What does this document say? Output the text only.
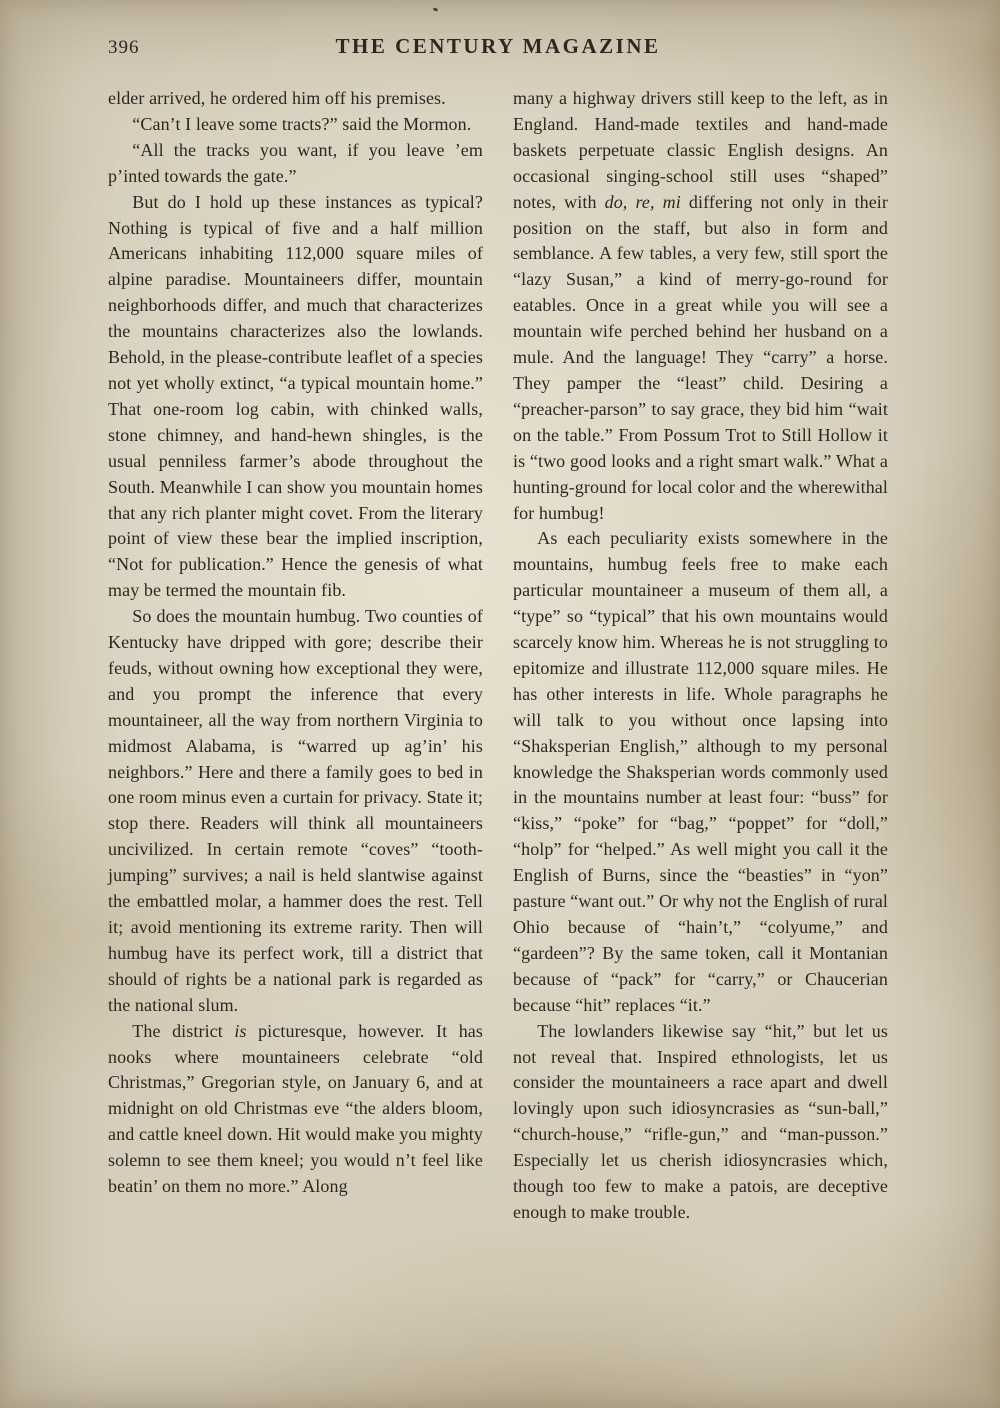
396	THE CENTURY MAGAZINE

elder arrived, he ordered him off his premises.

“Can’t I leave some tracts?” said the Mormon.

“All the tracks you want, if you leave ’em p’inted towards the gate.”

But do I hold up these instances as typical? Nothing is typical of five and a half million Americans inhabiting 112,000 square miles of alpine paradise. Mountaineers differ, mountain neighborhoods differ, and much that characterizes the mountains characterizes also the lowlands. Behold, in the please-contribute leaflet of a species not yet wholly extinct, “a typical mountain home.” That one-room log cabin, with chinked walls, stone chimney, and hand-hewn shingles, is the usual penniless farmer’s abode throughout the South. Meanwhile I can show you mountain homes that any rich planter might covet. From the literary point of view these bear the implied inscription, “Not for publication.” Hence the genesis of what may be termed the mountain fib.

So does the mountain humbug. Two counties of Kentucky have dripped with gore; describe their feuds, without owning how exceptional they were, and you prompt the inference that every mountaineer, all the way from northern Virginia to midmost Alabama, is “warred up ag’in’ his neighbors.” Here and there a family goes to bed in one room minus even a curtain for privacy. State it; stop there. Readers will think all mountaineers uncivilized. In certain remote “coves” “tooth-jumping” survives; a nail is held slantwise against the embattled molar, a hammer does the rest. Tell it; avoid mentioning its extreme rarity. Then will humbug have its perfect work, till a district that should of rights be a national park is regarded as the national slum.

The district is picturesque, however. It has nooks where mountaineers celebrate “old Christmas,” Gregorian style, on January 6, and at midnight on old Christmas eve “the alders bloom, and cattle kneel down. Hit would make you mighty solemn to see them kneel; you would n’t feel like beatin’ on them no more.” Along

many a highway drivers still keep to the left, as in England. Hand-made textiles and hand-made baskets perpetuate classic English designs. An occasional singing-school still uses “shaped” notes, with do, re, mi differing not only in their position on the staff, but also in form and semblance. A few tables, a very few, still sport the “lazy Susan,” a kind of merry-go-round for eatables. Once in a great while you will see a mountain wife perched behind her husband on a mule. And the language! They “carry” a horse. They pamper the “least” child. Desiring a “preacher-parson” to say grace, they bid him “wait on the table.” From Possum Trot to Still Hollow it is “two good looks and a right smart walk.” What a hunting-ground for local color and the wherewithal for humbug!

As each peculiarity exists somewhere in the mountains, humbug feels free to make each particular mountaineer a museum of them all, a “type” so “typical” that his own mountains would scarcely know him. Whereas he is not struggling to epitomize and illustrate 112,000 square miles. He has other interests in life. Whole paragraphs he will talk to you without once lapsing into “Shaksperian English,” although to my personal knowledge the Shaksperian words commonly used in the mountains number at least four: “buss” for “kiss,” “poke” for “bag,” “poppet” for “doll,” “holp” for “helped.” As well might you call it the English of Burns, since the “beasties” in “yon” pasture “want out.” Or why not the English of rural Ohio because of “hain’t,” “colyume,” and “gardeen”? By the same token, call it Montanian because of “pack” for “carry,” or Chaucerian because “hit” replaces “it.”

The lowlanders likewise say “hit,” but let us not reveal that. Inspired ethnologists, let us consider the mountaineers a race apart and dwell lovingly upon such idiosyncrasies as “sun-ball,” “church-house,” “rifle-gun,” and “man-pusson.” Especially let us cherish idiosyncrasies which, though too few to make a patois, are deceptive enough to make trouble.
